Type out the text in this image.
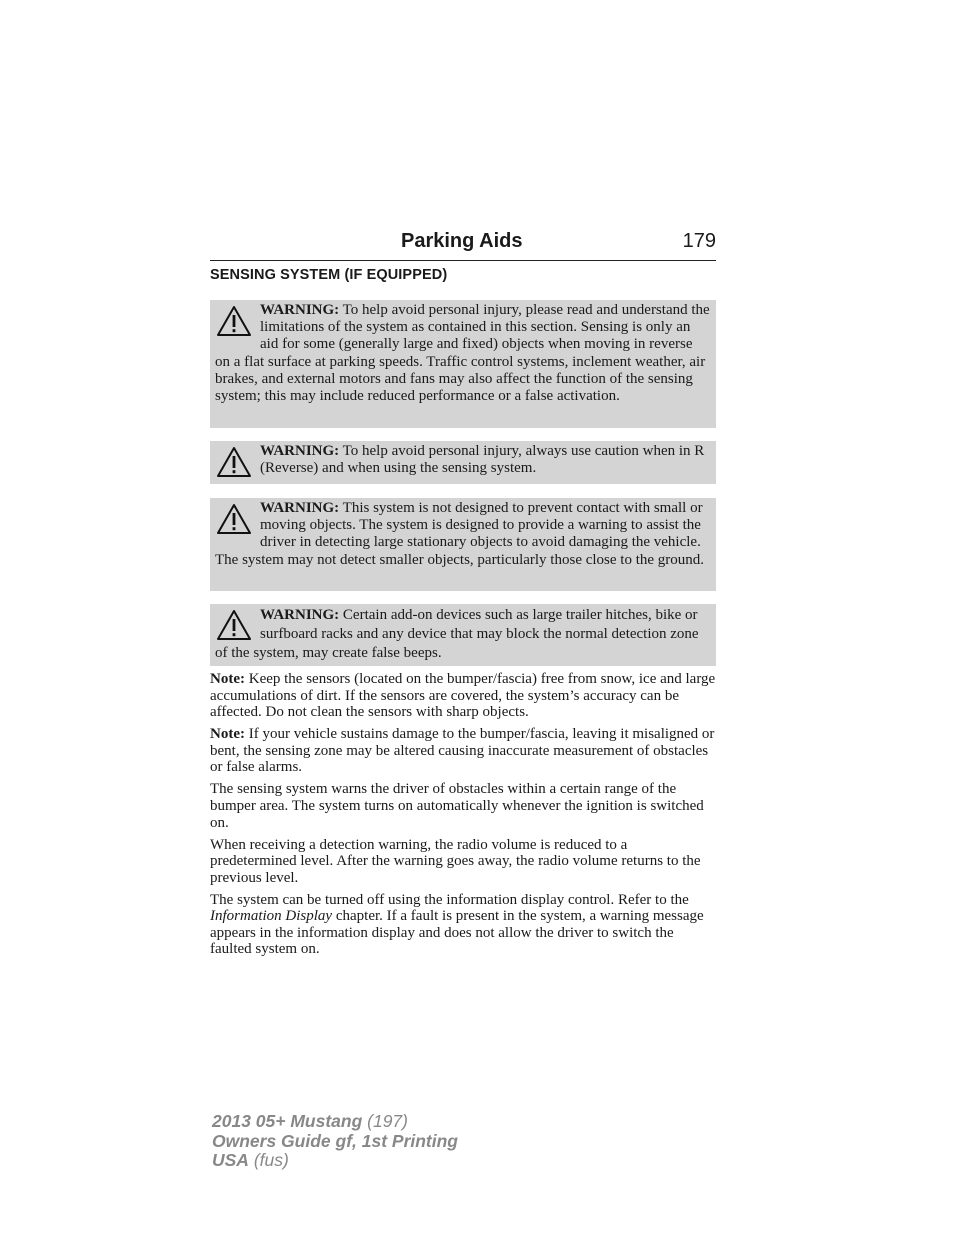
Parking Aids	179
SENSING SYSTEM (IF EQUIPPED)
WARNING: To help avoid personal injury, please read and understand the limitations of the system as contained in this section. Sensing is only an aid for some (generally large and fixed) objects when moving in reverse on a flat surface at parking speeds. Traffic control systems, inclement weather, air brakes, and external motors and fans may also affect the function of the sensing system; this may include reduced performance or a false activation.
WARNING: To help avoid personal injury, always use caution when in R (Reverse) and when using the sensing system.
WARNING: This system is not designed to prevent contact with small or moving objects. The system is designed to provide a warning to assist the driver in detecting large stationary objects to avoid damaging the vehicle. The system may not detect smaller objects, particularly those close to the ground.
WARNING: Certain add-on devices such as large trailer hitches, bike or surfboard racks and any device that may block the normal detection zone of the system, may create false beeps.

Note: Keep the sensors (located on the bumper/fascia) free from snow, ice and large accumulations of dirt. If the sensors are covered, the system’s accuracy can be affected. Do not clean the sensors with sharp objects.

Note: If your vehicle sustains damage to the bumper/fascia, leaving it misaligned or bent, the sensing zone may be altered causing inaccurate measurement of obstacles or false alarms.

The sensing system warns the driver of obstacles within a certain range of the bumper area. The system turns on automatically whenever the ignition is switched on.

When receiving a detection warning, the radio volume is reduced to a predetermined level. After the warning goes away, the radio volume returns to the previous level.

The system can be turned off using the information display control. Refer to the Information Display chapter. If a fault is present in the system, a warning message appears in the information display and does not allow the driver to switch the faulted system on.

2013 05+ Mustang (197)
Owners Guide gf, 1st Printing
USA (fus)
